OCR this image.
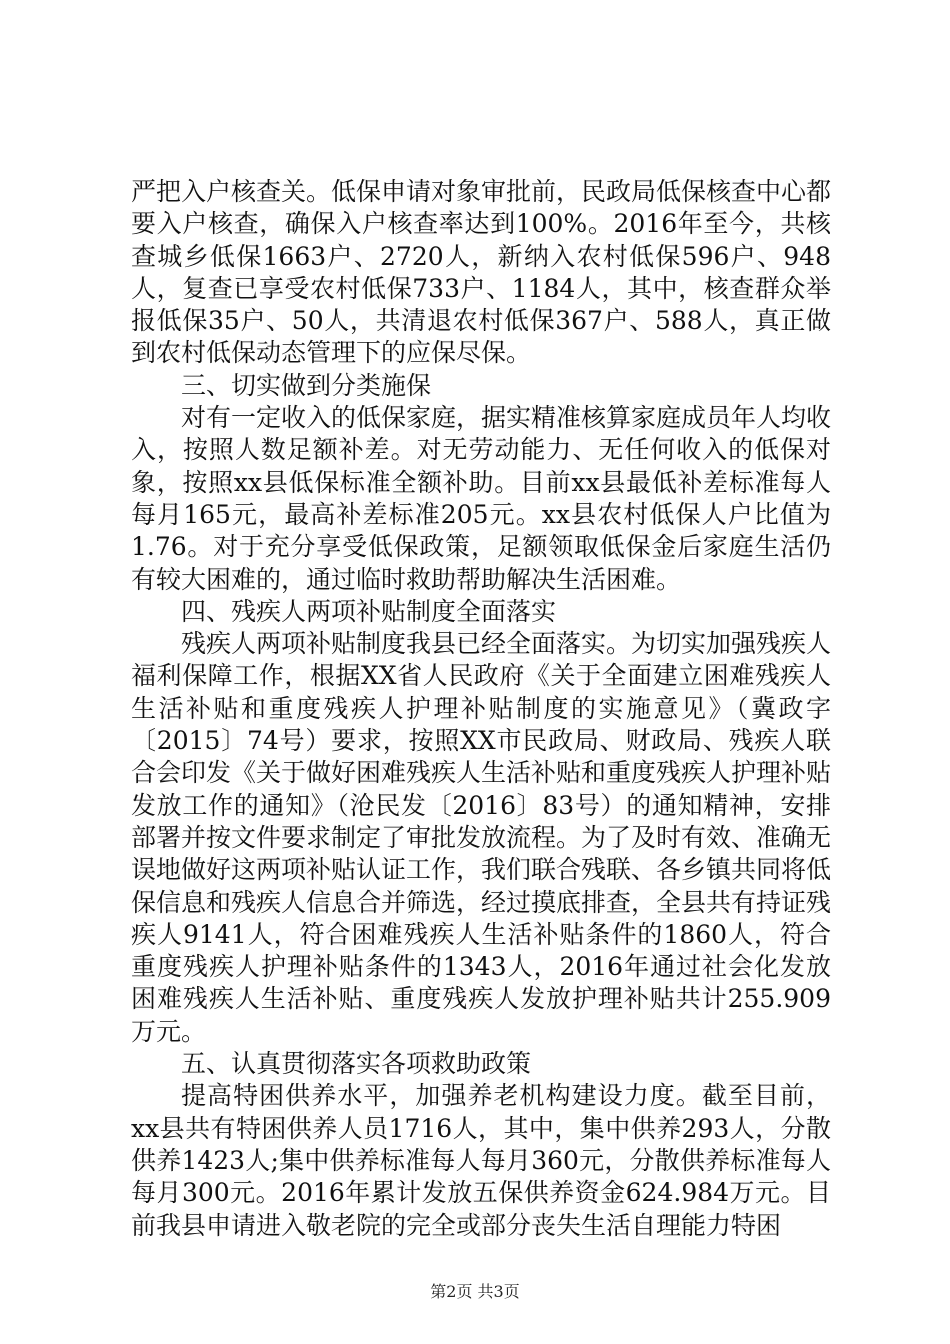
严把入户核查关。低保申请对象审批前，民政局低保核查中心都要入户核查，确保入户核查率达到100%。2016年至今，共核查城乡低保1663户、2720人，新纳入农村低保596户、948人，复查已享受农村低保733户、1184人，其中，核查群众举报低保35户、50人，共清退农村低保367户、588人，真正做到农村低保动态管理下的应保尽保。

三、切实做到分类施保

对有一定收入的低保家庭，据实精准核算家庭成员年人均收入，按照人数足额补差。对无劳动能力、无任何收入的低保对象，按照xx县低保标准全额补助。目前xx县最低补差标准每人每月165元，最高补差标准205元。xx县农村低保人户比值为1.76。对于充分享受低保政策，足额领取低保金后家庭生活仍有较大困难的，通过临时救助帮助解决生活困难。

四、残疾人两项补贴制度全面落实

残疾人两项补贴制度我县已经全面落实。为切实加强残疾人福利保障工作，根据XX省人民政府《关于全面建立困难残疾人生活补贴和重度残疾人护理补贴制度的实施意见》（冀政字〔2015〕74号）要求，按照XX市民政局、财政局、残疾人联合会印发《关于做好困难残疾人生活补贴和重度残疾人护理补贴发放工作的通知》（沧民发〔2016〕83号）的通知精神，安排部署并按文件要求制定了审批发放流程。为了及时有效、准确无误地做好这两项补贴认证工作，我们联合残联、各乡镇共同将低保信息和残疾人信息合并筛选，经过摸底排查，全县共有持证残疾人9141人，符合困难残疾人生活补贴条件的1860人，符合重度残疾人护理补贴条件的1343人，2016年通过社会化发放困难残疾人生活补贴、重度残疾人发放护理补贴共计255.909万元。

五、认真贯彻落实各项救助政策

提高特困供养水平，加强养老机构建设力度。截至目前，xx县共有特困供养人员1716人，其中，集中供养293人，分散供养1423人;集中供养标准每人每月360元，分散供养标准每人每月300元。2016年累计发放五保供养资金624.984万元。目前我县申请进入敬老院的完全或部分丧失生活自理能力特困

第2页 共3页
